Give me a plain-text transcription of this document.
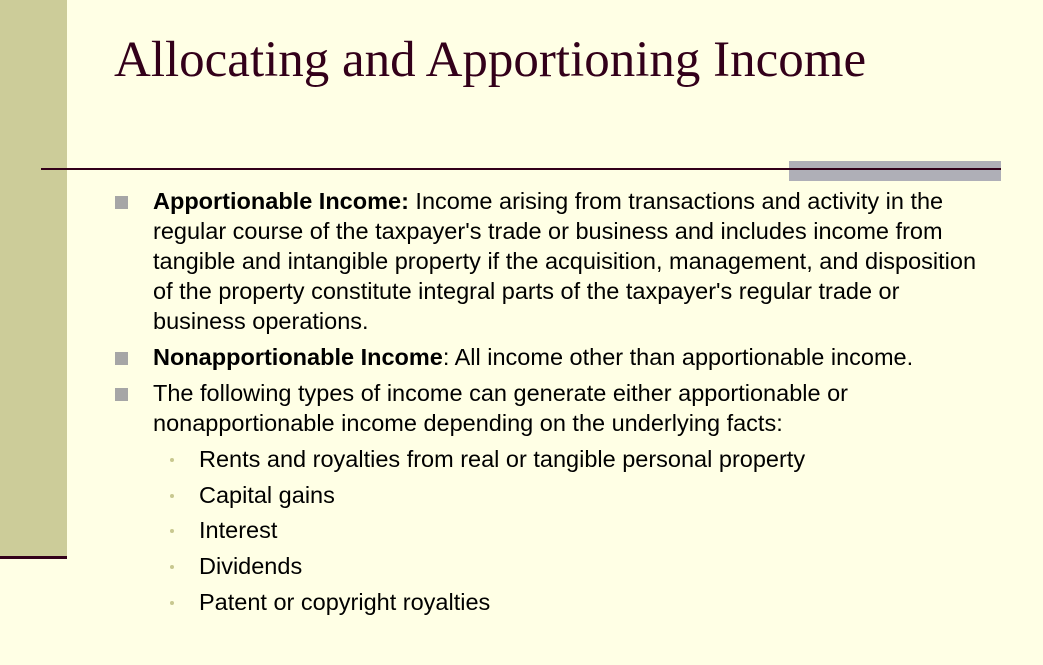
Allocating and Apportioning Income
Apportionable Income: Income arising from transactions and activity in the regular course of the taxpayer's trade or business and includes income from tangible and intangible property if the acquisition, management, and disposition of the property constitute integral parts of the taxpayer's regular trade or business operations.
Nonapportionable Income: All income other than apportionable income.
The following types of income can generate either apportionable or nonapportionable income depending on the underlying facts:
Rents and royalties from real or tangible personal property
Capital gains
Interest
Dividends
Patent or copyright royalties
